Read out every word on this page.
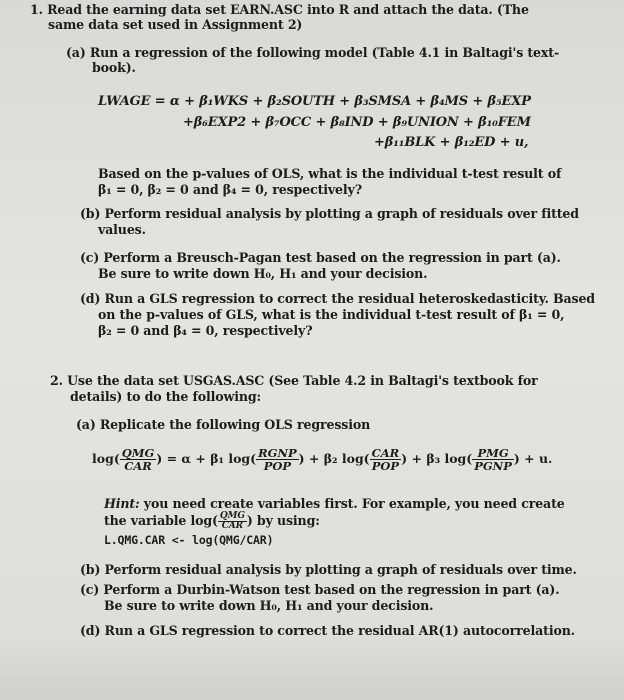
1. Read the earning data set EARN.ASC into R and attach the data. (The
same data set used in Assignment 2)
(a) Run a regression of the following model (Table 4.1 in Baltagi's text-
book).
LWAGE = α + β₁WKS + β₂SOUTH + β₃SMSA + β₄MS + β₅EXP
+β₆EXP2 + β₇OCC + β₈IND + β₉UNION + β₁₀FEM
+β₁₁BLK + β₁₂ED + u,
Based on the p-values of OLS, what is the individual t-test result of
β₁ = 0, β₂ = 0 and β₄ = 0, respectively?
(b) Perform residual analysis by plotting a graph of residuals over fitted
values.
(c) Perform a Breusch-Pagan test based on the regression in part (a).
Be sure to write down H₀, H₁ and your decision.
(d) Run a GLS regression to correct the residual heteroskedasticity. Based
on the p-values of GLS, what is the individual t-test result of β₁ = 0,
β₂ = 0 and β₄ = 0, respectively?
2. Use the data set USGAS.ASC (See Table 4.2 in Baltagi's textbook for
details) to do the following:
(a) Replicate the following OLS regression
$\log( \frac{\text{QMG}}{\text{CAR}}$ ) = α + β₁ $\log( \frac{\text{RGNP}}{\text{POP}}$ ) + β₂ $\log( \frac{\text{CAR}}{\text{POP}}$ ) + β₃ $\log( \frac{\text{PMG}}{\text{PGNP}}$ ) + u.
Hint: you need create variables first. For example, you need create
the variable $\log( \frac{\text{QMG}}{\text{CAR}}$ ) by using:
L.QMG.CAR <- log(QMG/CAR)
(b) Perform residual analysis by plotting a graph of residuals over time.
(c) Perform a Durbin-Watson test based on the regression in part (a).
Be sure to write down H₀, H₁ and your decision.
(d) Run a GLS regression to correct the residual AR(1) autocorrelation.
